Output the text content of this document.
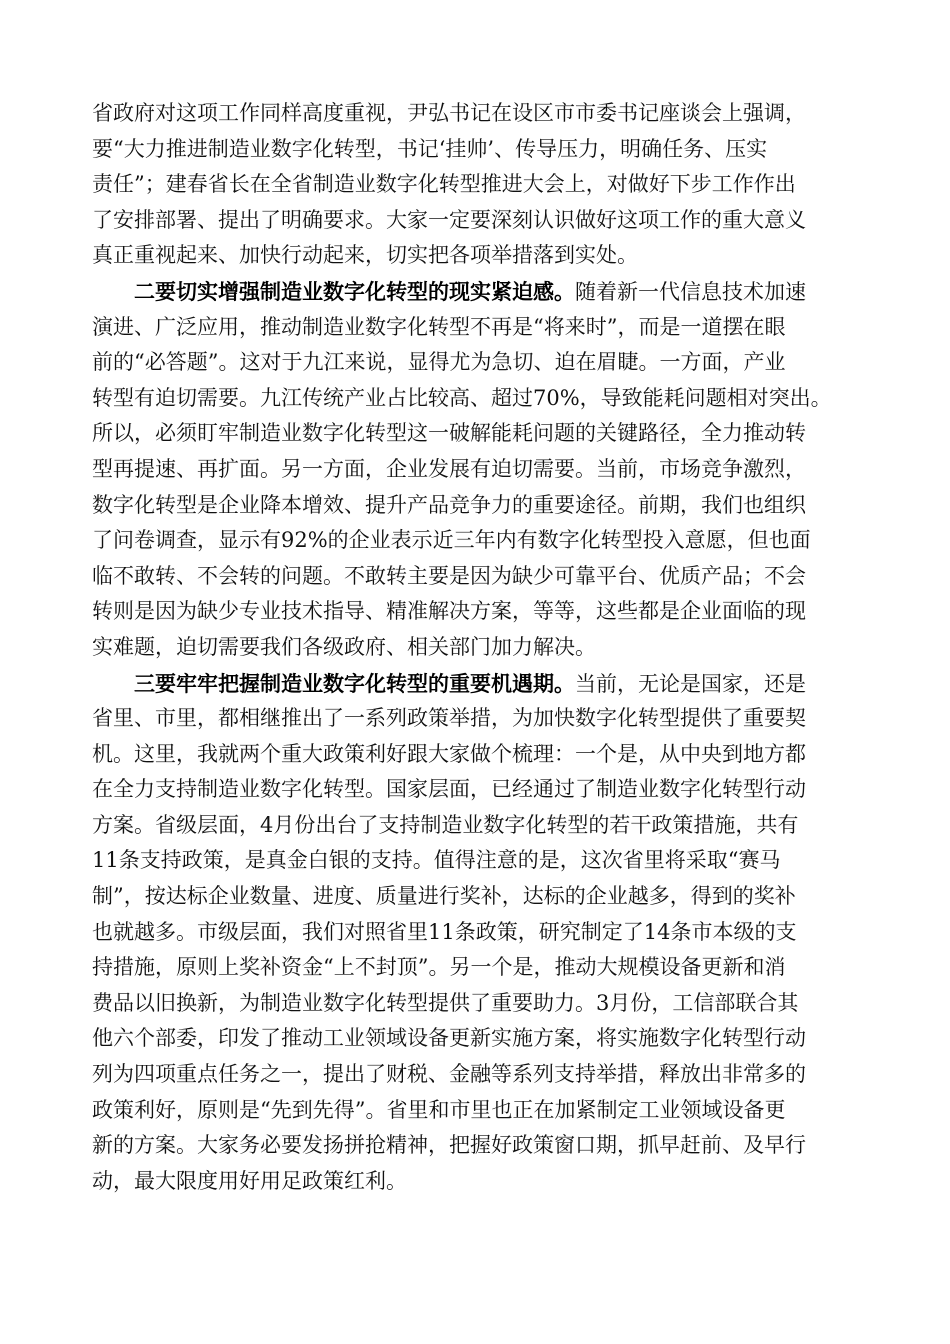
省政府对这项工作同样高度重视，尹弘书记在设区市市委书记座谈会上强调，
要“大力推进制造业数字化转型，书记‘挂帅’、传导压力，明确任务、压实
责任”；建春省长在全省制造业数字化转型推进大会上，对做好下步工作作出
了安排部署、提出了明确要求。大家一定要深刻认识做好这项工作的重大意义
真正重视起来、加快行动起来，切实把各项举措落到实处。
二要切实增强制造业数字化转型的现实紧迫感。随着新一代信息技术加速
演进、广泛应用，推动制造业数字化转型不再是“将来时”，而是一道摆在眼
前的“必答题”。这对于九江来说，显得尤为急切、迫在眉睫。一方面，产业
转型有迫切需要。九江传统产业占比较高、超过70%，导致能耗问题相对突出。
所以，必须盯牢制造业数字化转型这一破解能耗问题的关键路径，全力推动转
型再提速、再扩面。另一方面，企业发展有迫切需要。当前，市场竞争激烈，
数字化转型是企业降本增效、提升产品竞争力的重要途径。前期，我们也组织
了问卷调查，显示有92%的企业表示近三年内有数字化转型投入意愿，但也面
临不敢转、不会转的问题。不敢转主要是因为缺少可靠平台、优质产品；不会
转则是因为缺少专业技术指导、精准解决方案，等等，这些都是企业面临的现
实难题，迫切需要我们各级政府、相关部门加力解决。
三要牢牢把握制造业数字化转型的重要机遇期。当前，无论是国家，还是
省里、市里，都相继推出了一系列政策举措，为加快数字化转型提供了重要契
机。这里，我就两个重大政策利好跟大家做个梳理：一个是，从中央到地方都
在全力支持制造业数字化转型。国家层面，已经通过了制造业数字化转型行动
方案。省级层面，4月份出台了支持制造业数字化转型的若干政策措施，共有
11条支持政策，是真金白银的支持。值得注意的是，这次省里将采取“赛马
制”，按达标企业数量、进度、质量进行奖补，达标的企业越多，得到的奖补
也就越多。市级层面，我们对照省里11条政策，研究制定了14条市本级的支
持措施，原则上奖补资金“上不封顶”。另一个是，推动大规模设备更新和消
费品以旧换新，为制造业数字化转型提供了重要助力。3月份，工信部联合其
他六个部委，印发了推动工业领域设备更新实施方案，将实施数字化转型行动
列为四项重点任务之一，提出了财税、金融等系列支持举措，释放出非常多的
政策利好，原则是“先到先得”。省里和市里也正在加紧制定工业领域设备更
新的方案。大家务必要发扬拼抢精神，把握好政策窗口期，抓早赶前、及早行
动，最大限度用好用足政策红利。
